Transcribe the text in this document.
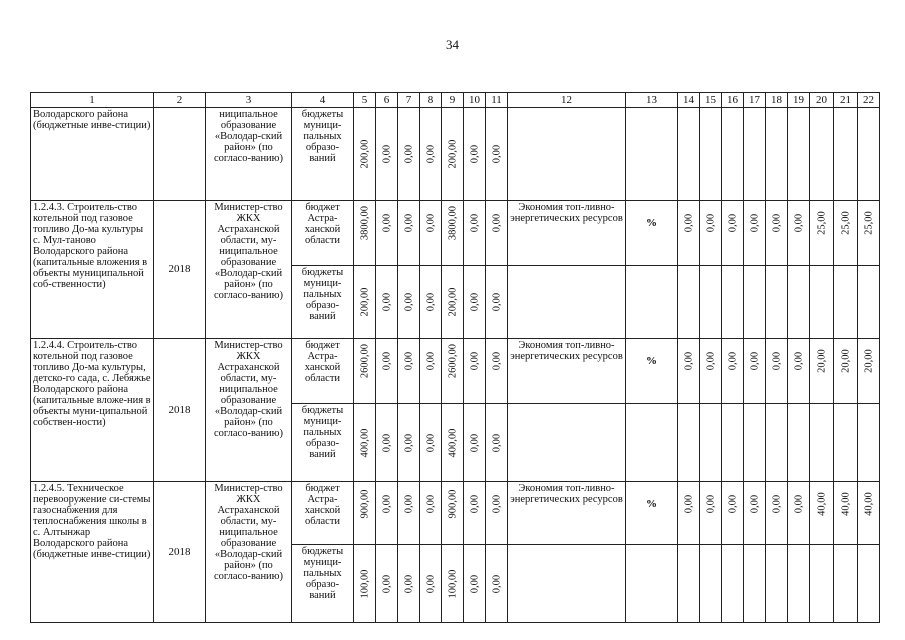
34
1	2	3	4	5	6	7	8	9	10	11	12	13	14	15	16	17	18	19	20	21	22
Володарского района (бюджетные инве-стиции)		ниципальное образование «Володар-ский район» (по согласо-ванию)	бюджеты муници-пальных образо-ваний	200,00	0,00	0,00	0,00	200,00	0,00	0,00											

1.2.4.3. Строитель-ство котельной под газовое топливо До-ма культуры с. Мул-таново Володарского района (капитальные вложения в объекты муниципальной соб-ственности)	2018	Министер-ство ЖКХ Астраханской области, му-ниципальное образование «Володар-ский район» (по согласо-ванию)	бюджет Астра-ханской области	3800,00	0,00	0,00	0,00	3800,00	0,00	0,00	Экономия топ-ливно-энергетических ресурсов	%	0,00	0,00	0,00	0,00	0,00	0,00	25,00	25,00	25,00

			бюджеты муници-пальных образо-ваний	200,00	0,00	0,00	0,00	200,00	0,00	0,00											

1.2.4.4. Строитель-ство котельной под газовое топливо До-ма культуры, детско-го сада, с. Лебяжье Володарского района (капитальные вложе-ния в объекты муни-ципальной собствен-ности)	2018	Министер-ство ЖКХ Астраханской области, му-ниципальное образование «Володар-ский район» (по согласо-ванию)	бюджет Астра-ханской области	2600,00	0,00	0,00	0,00	2600,00	0,00	0,00	Экономия топ-ливно-энергетических ресурсов	%	0,00	0,00	0,00	0,00	0,00	0,00	20,00	20,00	20,00

			бюджеты муници-пальных образо-ваний	400,00	0,00	0,00	0,00	400,00	0,00	0,00											

1.2.4.5. Техническое перевооружение си-стемы газоснабжения для теплоснабжения школы в с. Алтынжар Володарского района (бюджетные инве-стиции)	2018	Министер-ство ЖКХ Астраханской области, му-ниципальное образование «Володар-ский район» (по согласо-ванию)	бюджет Астра-ханской области	900,00	0,00	0,00	0,00	900,00	0,00	0,00	Экономия топ-ливно-энергетических ресурсов	%	0,00	0,00	0,00	0,00	0,00	0,00	40,00	40,00	40,00

			бюджеты муници-пальных образо-ваний	100,00	0,00	0,00	0,00	100,00	0,00	0,00											
